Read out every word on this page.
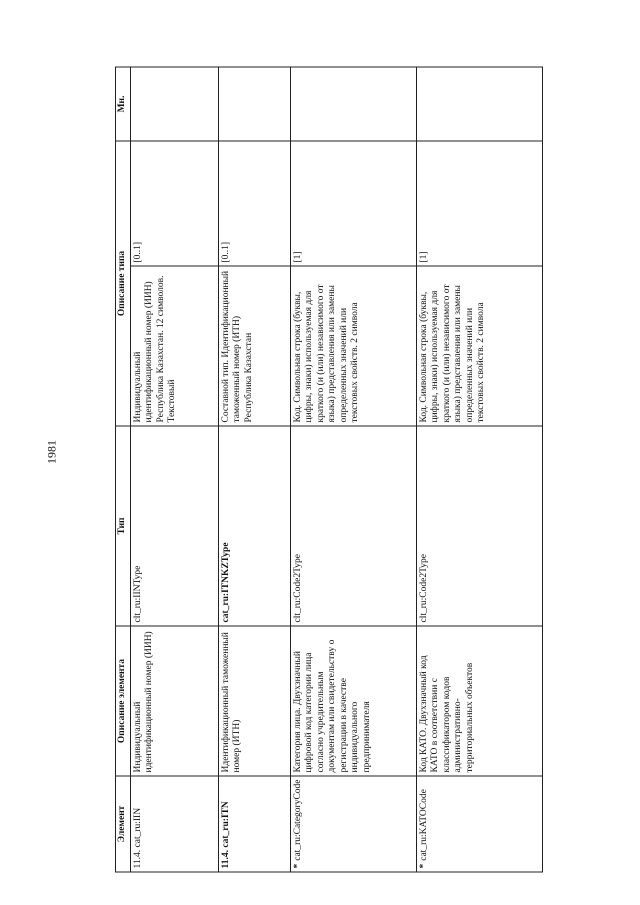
1981
Элемент	Описание элемента	Тип	Описание типа		Мн.
11.4. cat_ru:IIN	Индивидуальный идентификационный номер (ИИН)	clt_ru:IINType	Индивидуальный идентификационный номер (ИИН) Республика Казахстан. 12 символов. Текстовый	[0..1]	
11.4. cat_ru:ITN	Идентификационный таможенный номер (ИТН)	cat_ru:ITNKZType	Составной тип. Идентификационный таможенный номер (ИТН) Республика Казахстан	[0..1]	
*cat_ru:CategoryCode	Категория лица. Двухзначный цифровой код категории лица согласно учредительным документам или свидетельству о регистрации в качестве индивидуального предпринимателя	clt_ru:Code2Type	Код. Символьная строка (буквы, цифры, знаки) используемая для краткого (и (или) независимого от языка) представления или замены определенных значений или текстовых свойств. 2 символа	[1]	
*cat_ru:KATOCode	Код КАТО. Двухзначный код КАТО в соответствии с классификатором кодов административно-территориальных объектов	clt_ru:Code2Type	Код. Символьная строка (буквы, цифры, знаки) используемая для краткого (и (или) независимого от языка) представления или замены определенных значений или текстовых свойств. 2 символа	[1]	
